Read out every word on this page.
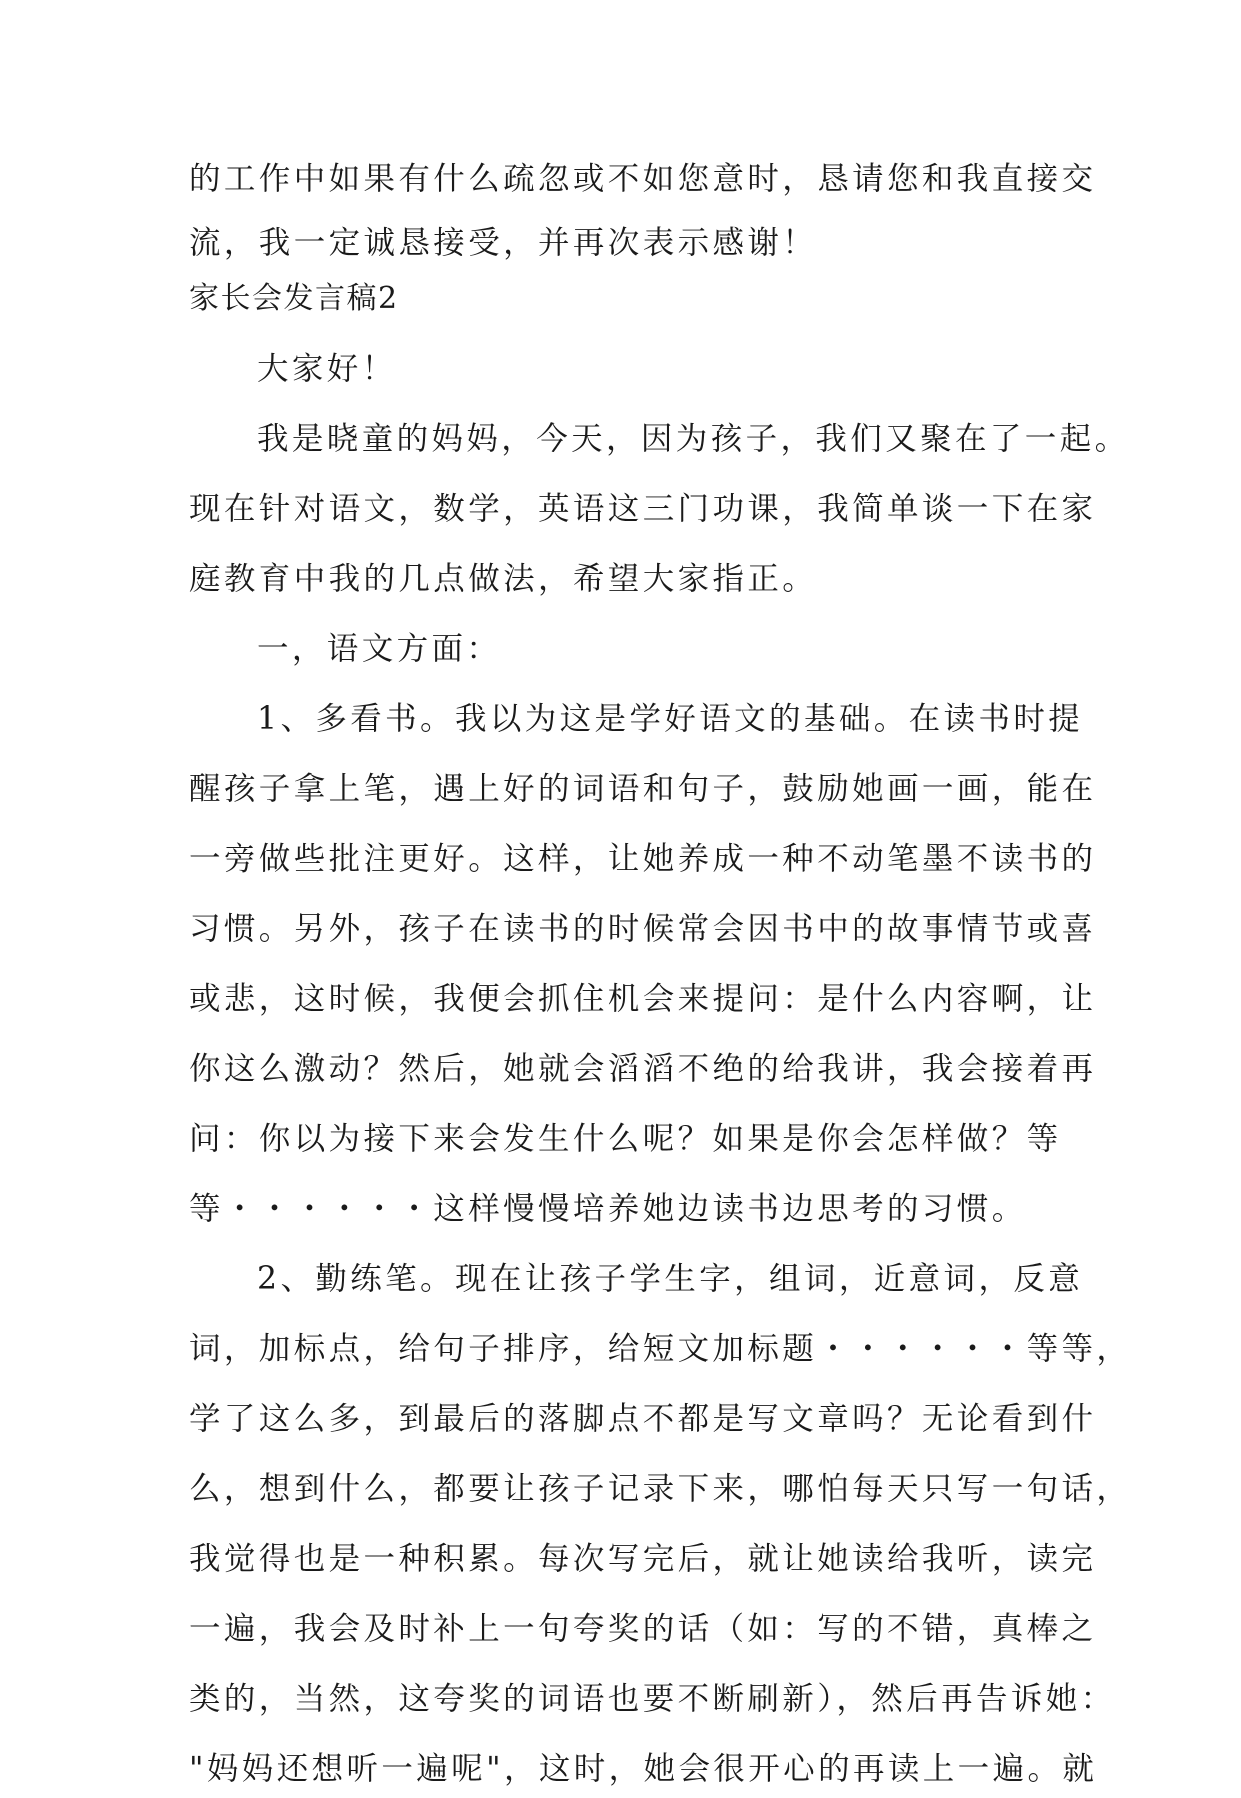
的工作中如果有什么疏忽或不如您意时，恳请您和我直接交
流，我一定诚恳接受，并再次表示感谢！
家长会发言稿2
大家好！
我是晓童的妈妈，今天，因为孩子，我们又聚在了一起。
现在针对语文，数学，英语这三门功课，我简单谈一下在家
庭教育中我的几点做法，希望大家指正。
一，语文方面：
1、多看书。我以为这是学好语文的基础。在读书时提
醒孩子拿上笔，遇上好的词语和句子，鼓励她画一画，能在
一旁做些批注更好。这样，让她养成一种不动笔墨不读书的
习惯。另外，孩子在读书的时候常会因书中的故事情节或喜
或悲，这时候，我便会抓住机会来提问：是什么内容啊，让
你这么激动？然后，她就会滔滔不绝的给我讲，我会接着再
问：你以为接下来会发生什么呢？如果是你会怎样做？等
等・・・・・・这样慢慢培养她边读书边思考的习惯。
2、勤练笔。现在让孩子学生字，组词，近意词，反意
词，加标点，给句子排序，给短文加标题・・・・・・等等，
学了这么多，到最后的落脚点不都是写文章吗？无论看到什
么，想到什么，都要让孩子记录下来，哪怕每天只写一句话，
我觉得也是一种积累。每次写完后，就让她读给我听，读完
一遍，我会及时补上一句夸奖的话（如：写的不错，真棒之
类的，当然，这夸奖的词语也要不断刷新），然后再告诉她：
"妈妈还想听一遍呢"，这时，她会很开心的再读上一遍。就
